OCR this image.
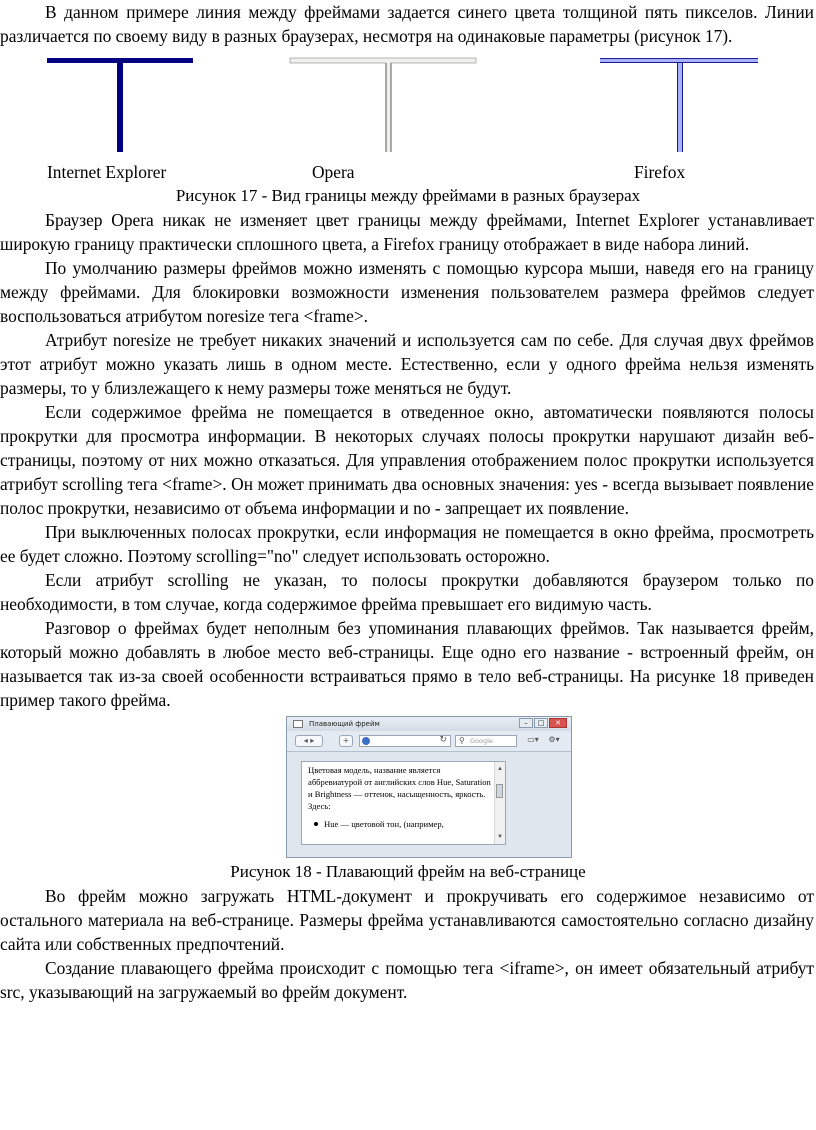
В данном примере линия между фреймами задается синего цвета толщиной пять пикселов. Линии различается по своему виду в разных браузерах, несмотря на одинаковые параметры (рисунок 17).

Internet Explorer	Opera	Firefox

Рисунок 17 - Вид границы между фреймами в разных браузерах

Браузер Opera никак не изменяет цвет границы между фреймами, Internet Explorer устанавливает широкую границу практически сплошного цвета, а Firefox границу отображает в виде набора линий.

По умолчанию размеры фреймов можно изменять с помощью курсора мыши, наведя его на границу между фреймами. Для блокировки возможности изменения пользователем размера фреймов следует воспользоваться атрибутом noresize тега <frame>.

Атрибут noresize не требует никаких значений и используется сам по себе. Для случая двух фреймов этот атрибут можно указать лишь в одном месте. Естественно, если у одного фрейма нельзя изменять размеры, то у близлежащего к нему размеры тоже меняться не будут.

Если содержимое фрейма не помещается в отведенное окно, автоматически появляются полосы прокрутки для просмотра информации. В некоторых случаях полосы прокрутки нарушают дизайн веб-страницы, поэтому от них можно отказаться. Для управления отображением полос прокрутки используется атрибут scrolling тега <frame>. Он может принимать два основных значения: yes - всегда вызывает появление полос прокрутки, независимо от объема информации и no - запрещает их появление.

При выключенных полосах прокрутки, если информация не помещается в окно фрейма, просмотреть ее будет сложно. Поэтому scrolling="no" следует использовать осторожно.

Если атрибут scrolling не указан, то полосы прокрутки добавляются браузером только по необходимости, в том случае, когда содержимое фрейма превышает его видимую часть.

Разговор о фреймах будет неполным без упоминания плавающих фреймов. Так называется фрейм, который можно добавлять в любое место веб-страницы. Еще одно его название - встроенный фрейм, он называется так из-за своей особенности встраиваться прямо в тело веб-страницы. На рисунке 18 приведен пример такого фрейма.

Плавающий фрейм	–	□	✕
◂ ▸	+	↻ ⚲ Google	▭▾	⚙▾
Цветовая модель, название является аббревиатурой от английских слов Hue, Saturation и Brightness — оттенок, насыщенность, яркость. Здесь:
Hue — цветовой тон, (например,
▲
▼

Рисунок 18 - Плавающий фрейм на веб-странице

Во фрейм можно загружать HTML-документ и прокручивать его содержимое независимо от остального материала на веб-странице. Размеры фрейма устанавливаются самостоятельно согласно дизайну сайта или собственных предпочтений.

Создание плавающего фрейма происходит с помощью тега <iframe>, он имеет обязательный атрибут src, указывающий на загружаемый во фрейм документ.
